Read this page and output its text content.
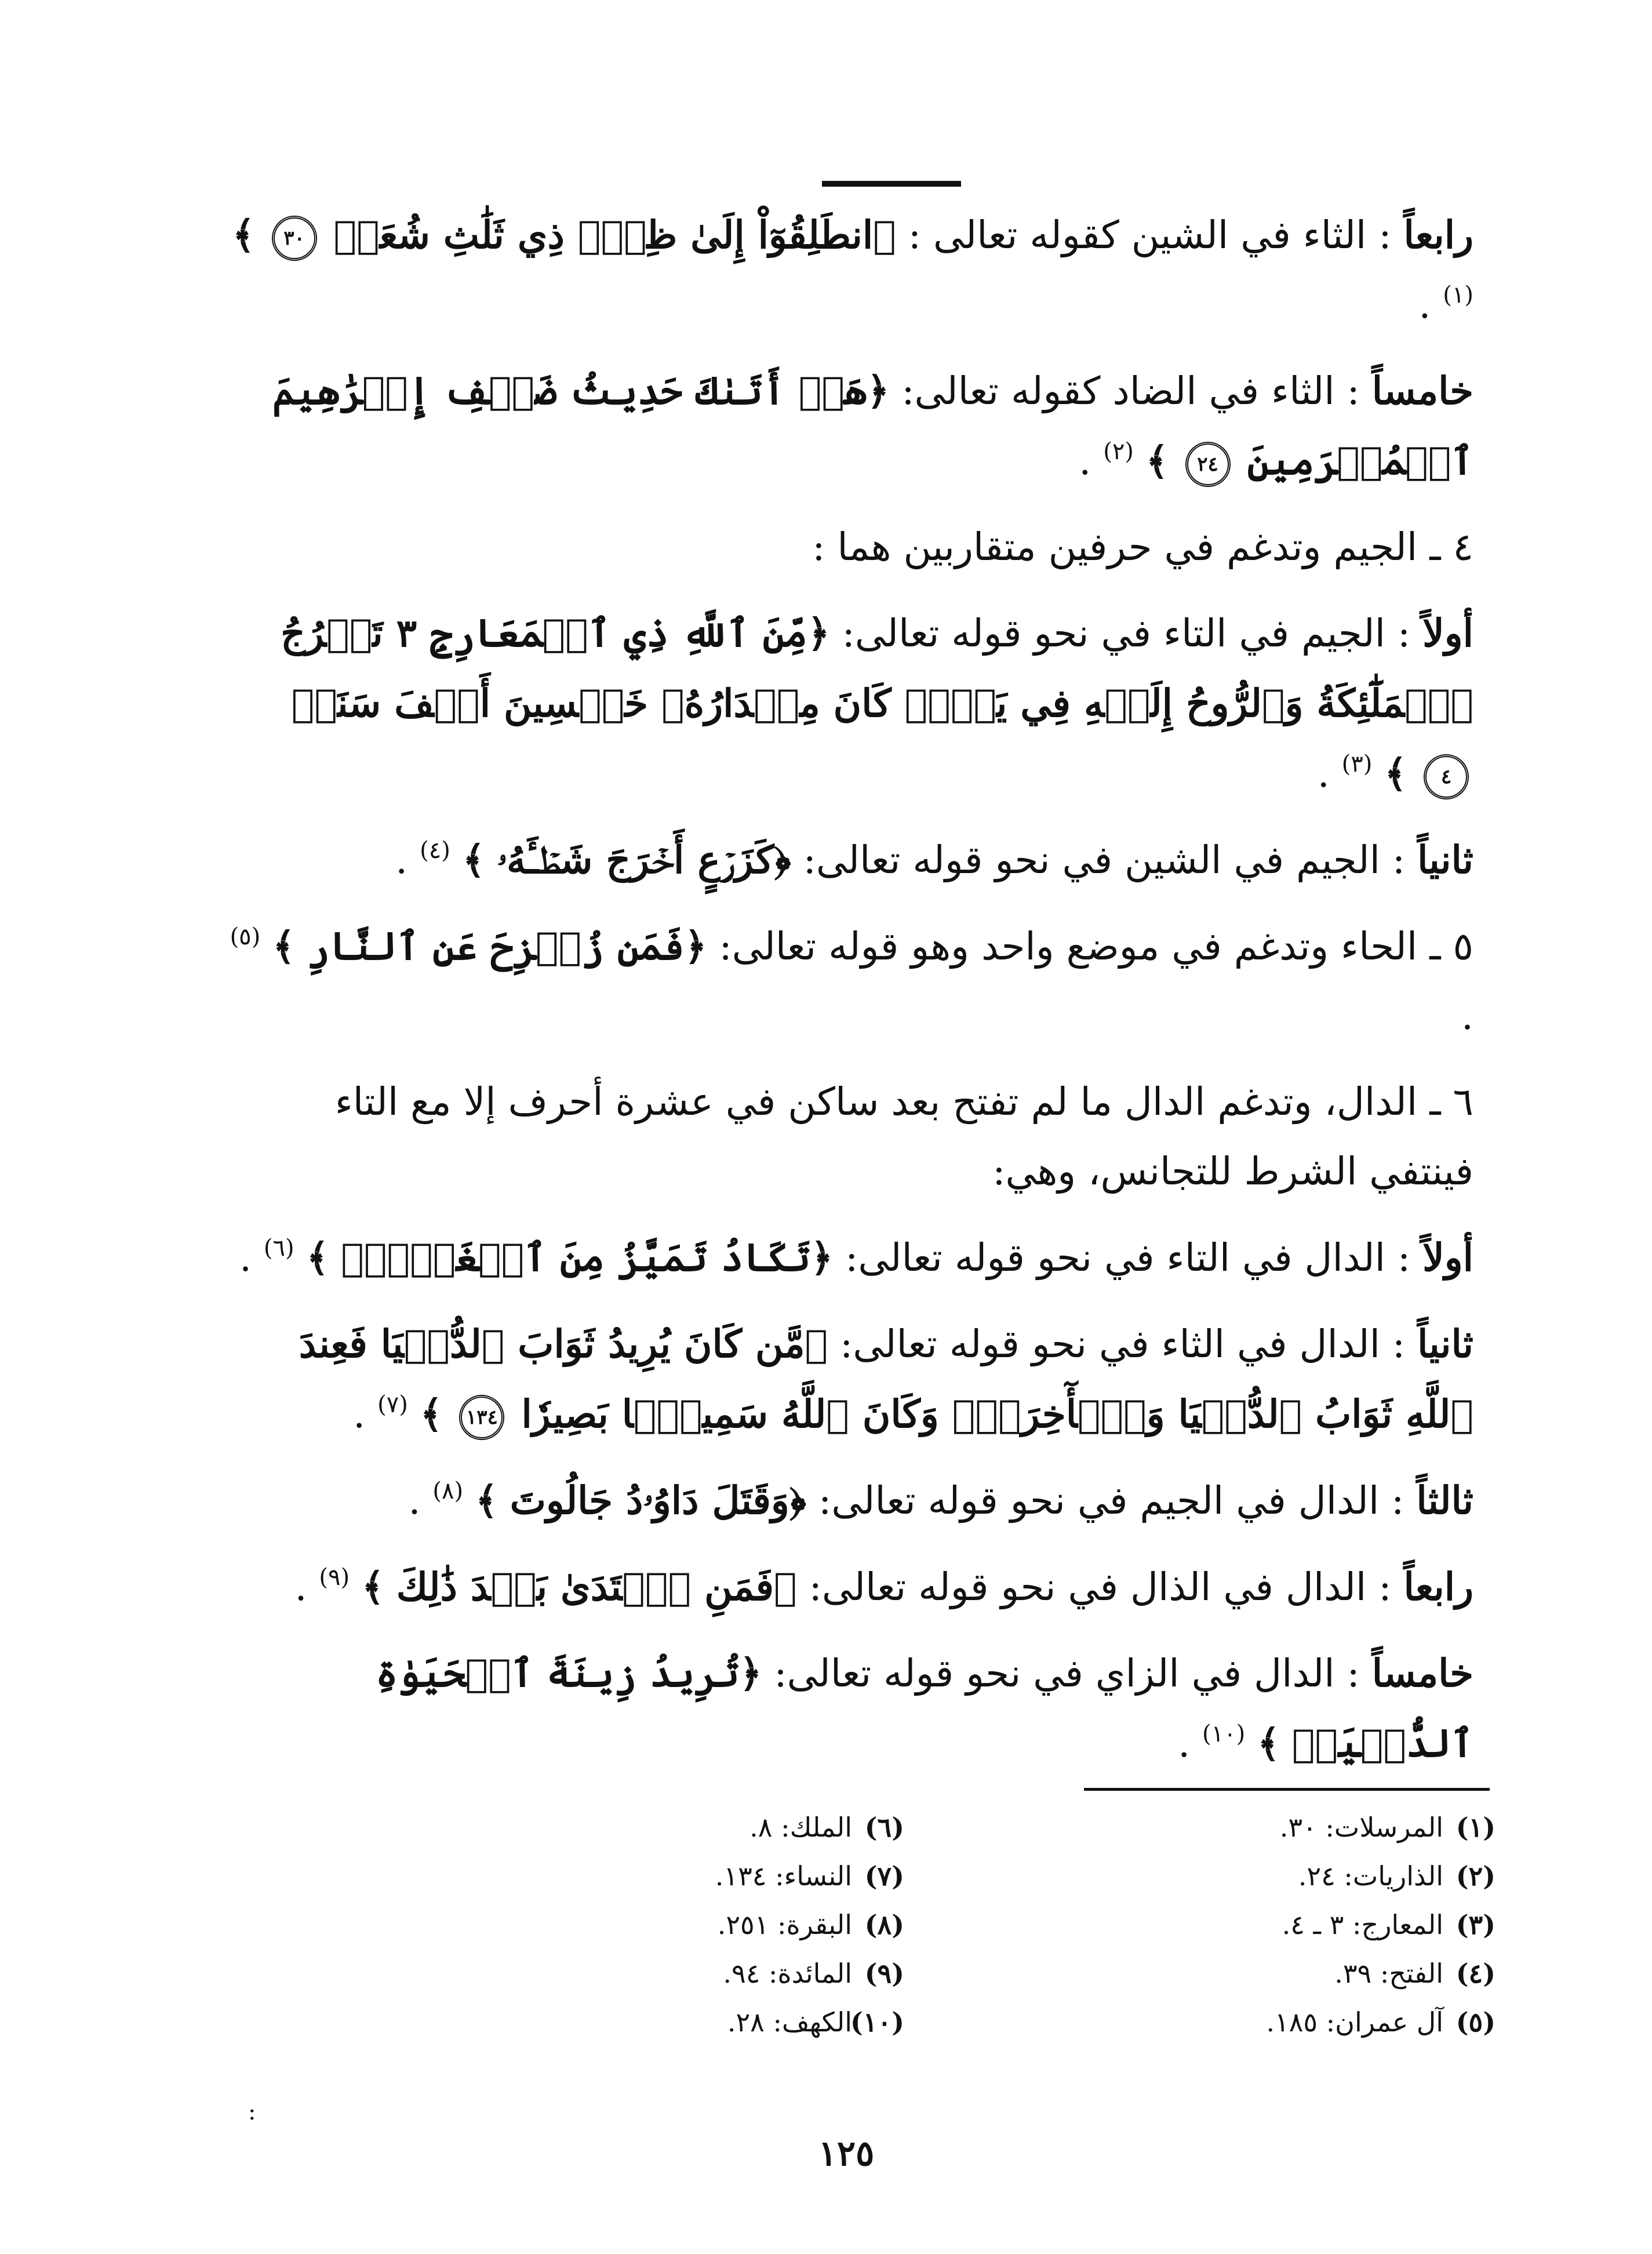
رابعاً : الثاء في الشين كقوله تعالى : ﴿انطَلِقُوٓاْ إِلَىٰ ظِلّٖ ذِي ثَلَٰثِ شُعَبٖ ٣٠ ﴾ $^{(١)}$ .

خامساً : الثاء في الضاد كقوله تعالى: ﴿هَلۡ أَتَىٰكَ حَدِيثُ ضَيۡفِ إِبۡرَٰهِيمَ ٱلۡمُكۡرَمِينَ ٢٤ ﴾ $^{(٢)}$ .

٤ ـ الجيم وتدغم في حرفين متقاربين هما :

أولاً : الجيم في التاء في نحو قوله تعالى: ﴿مِّنَ ٱللَّهِ ذِي ٱلۡمَعَارِجِ ٣ تَعۡرُجُ ٱلۡمَلَٰٓئِكَةُ وَٱلرُّوحُ إِلَيۡهِ فِي يَوۡمٖ كَانَ مِقۡدَارُهُۥ خَمۡسِينَ أَلۡفَ سَنَةٖ ٤ ﴾ $^{(٣)}$ .

ثانياً : الجيم في الشين في نحو قوله تعالى: ﴿كَزَرۡعٍ أَخۡرَجَ شَطۡـَٔهُۥ ﴾ $^{(٤)}$ .

٥ ـ الحاء وتدغم في موضع واحد وهو قوله تعالى: ﴿فَمَن زُحۡزِحَ عَنِ ٱلنَّارِ ﴾ $^{(٥)}$ .

٦ ـ الدال، وتدغم الدال ما لم تفتح بعد ساكن في عشرة أحرف إلا مع التاء فينتفي الشرط للتجانس، وهي:

أولاً : الدال في التاء في نحو قوله تعالى: ﴿تَكَادُ تَمَيَّزُ مِنَ ٱلۡغَيۡظِۖ ﴾ $^{(٦)}$ .

ثانياً : الدال في الثاء في نحو قوله تعالى: ﴿مَّن كَانَ يُرِيدُ ثَوَابَ ٱلدُّنۡيَا فَعِندَ ٱللَّهِ ثَوَابُ ٱلدُّنۡيَا وَٱلۡأٓخِرَةِۚ وَكَانَ ٱللَّهُ سَمِيعَۢا بَصِيرٗا ١٣٤ ﴾ $^{(٧)}$ .

ثالثاً : الدال في الجيم في نحو قوله تعالى: ﴿وَقَتَلَ دَاوُۥدُ جَالُوتَ ﴾ $^{(٨)}$ .

رابعاً : الدال في الذال في نحو قوله تعالى: ﴿فَمَنِ ٱعۡتَدَىٰ بَعۡدَ ذَٰلِكَ ﴾ $^{(٩)}$ .

خامساً : الدال في الزاي في نحو قوله تعالى: ﴿تُرِيدُ زِينَةَ ٱلۡحَيَوٰةِ ٱلدُّنۡيَاۖ ﴾ $^{(١٠)}$ .

(١)المرسلات: ٣٠.
(٢)الذاريات: ٢٤.
(٣)المعارج: ٣ ـ ٤.
(٤)الفتح: ٣٩.
(٥)آل عمران: ١٨٥.
(٦)الملك: ٨.
(٧)النساء: ١٣٤.
(٨)البقرة: ٢٥١.
(٩)المائدة: ٩٤.
(١٠)الكهف: ٢٨.
:
١٢٥
